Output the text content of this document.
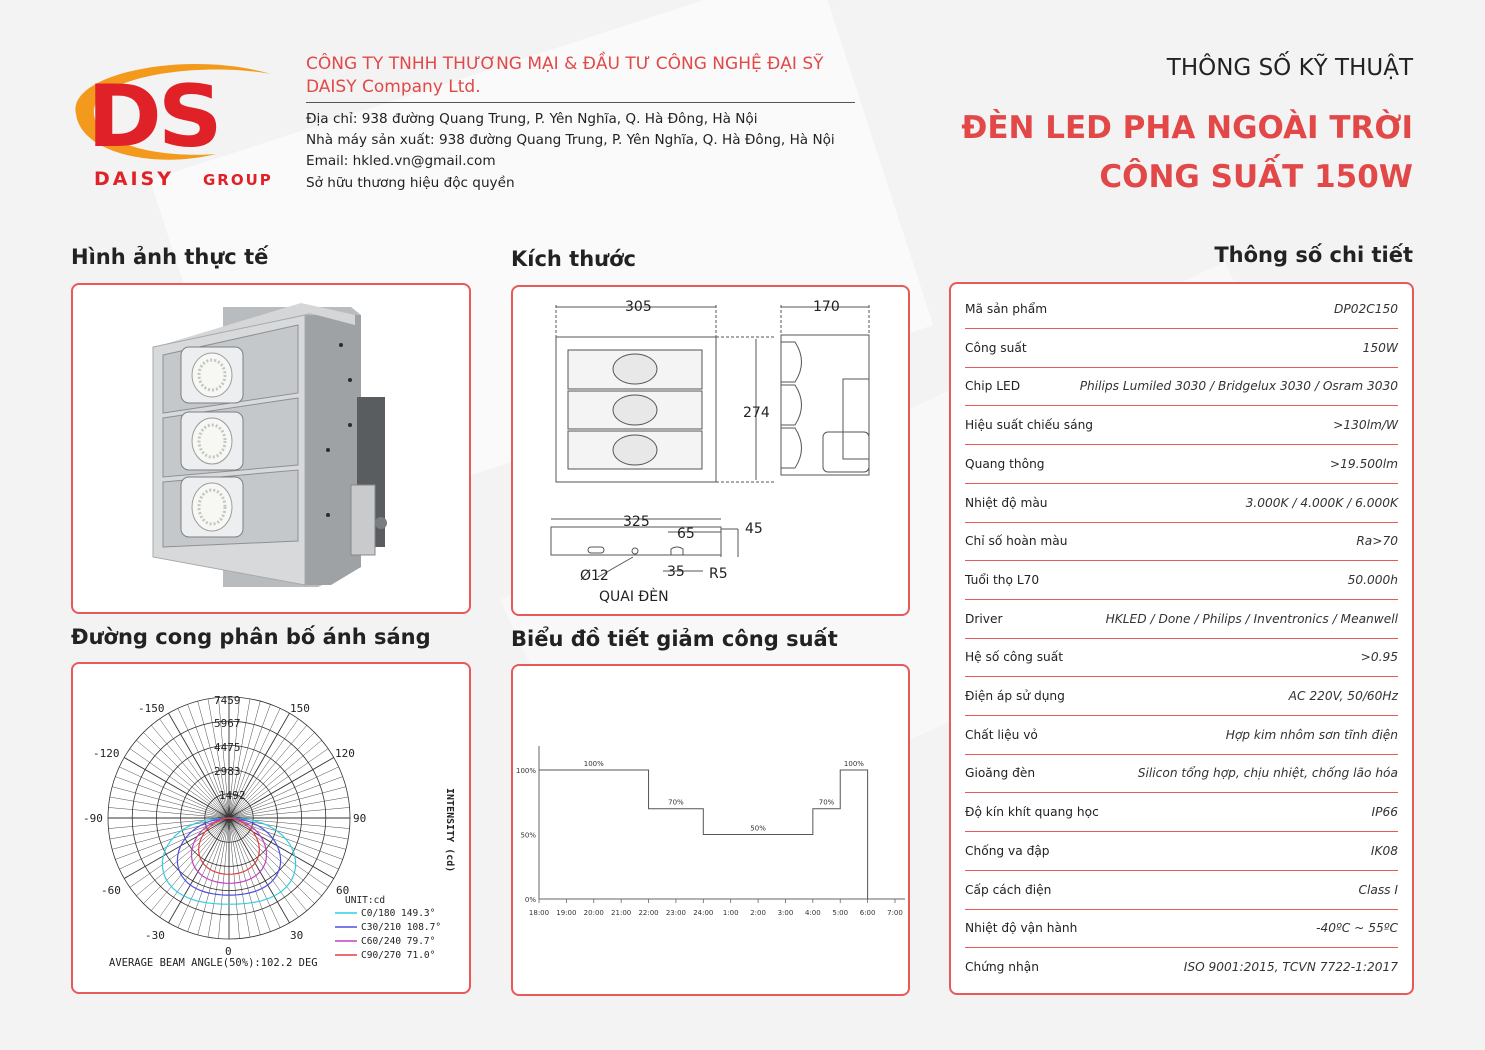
DS
DAISY GROUP
CÔNG TY TNHH THƯƠNG MẠI & ĐẦU TƯ CÔNG NGHỆ ĐẠI SỸ
DAISY Company Ltd.
Địa chỉ: 938 đường Quang Trung, P. Yên Nghĩa, Q. Hà Đông, Hà Nội
Nhà máy sản xuất: 938 đường Quang Trung, P. Yên Nghĩa, Q. Hà Đông, Hà Nội
Email: hkled.vn@gmail.com
Sở hữu thương hiệu độc quyền
THÔNG SỐ KỸ THUẬT
ĐÈN LED PHA NGOÀI TRỜI
CÔNG SUẤT 150W
Hình ảnh thực tế	Kích thước	Thông số chi tiết
Đường cong phân bố ánh sáng	Biểu đồ tiết giảm công suất
305	170
274
325
65	45
35 R5
Ø12
QUAI ĐÈN
Mã sản phẩm	DP02C150
Công suất	150W
Chip LED	Philips Lumiled 3030 / Bridgelux 3030 / Osram 3030
Hiệu suất chiếu sáng	>130lm/W
Quang thông	>19.500lm
Nhiệt độ màu	3.000K / 4.000K / 6.000K
Chỉ số hoàn màu	Ra>70
Tuổi thọ L70	50.000h
Driver	HKLED / Done / Philips / Inventronics / Meanwell
Hệ số công suất	>0.95
Điện áp sử dụng	AC 220V, 50/60Hz
Chất liệu vỏ	Hợp kim nhôm sơn tĩnh điện
Gioăng đèn	Silicon tổng hợp, chịu nhiệt, chống lão hóa
Độ kín khít quang học	IP66
Chống va đập	IK08
Cấp cách điện	Class I
Nhiệt độ vận hành	-40ºC ~ 55ºC
Chứng nhận	ISO 9001:2015, TCVN 7722-1:2017
-150
-120
-90
-60
-30
150
120
90
60
30
0
7459
5967
4475
2983
1492	INTENSITY (cd)
UNIT:cd
AVERAGE BEAM ANGLE(50%):102.2 DEG
C0/180 149.3°
C30/210 108.7°
C60/240 79.7°
C90/270 71.0°
18:00 19:00 20:00 21:00 22:00 23:00 24:00 1:00 2:00 3:00 4:00 5:00 6:00 7:00
0%
50%
100%
100%
70%
50%
70%
100%
